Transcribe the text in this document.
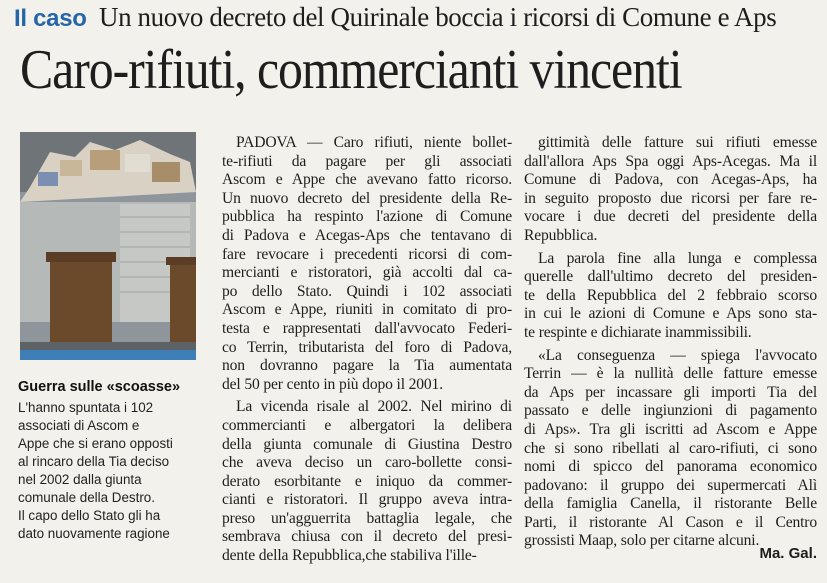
Il caso Un nuovo decreto del Quirinale boccia i ricorsi di Comune e Aps
Caro-rifiuti, commercianti vincenti
Guerra sulle «scoasse»

L'hanno spuntata i 102
associati di Ascom e
Appe che si erano opposti
al rincaro della Tia deciso
nel 2002 dalla giunta
comunale della Destro.
Il capo dello Stato gli ha
dato nuovamente ragione

PADOVA — Caro rifiuti, niente bollet-
te-rifiuti da pagare per gli associati
Ascom e Appe che avevano fatto ricorso.
Un nuovo decreto del presidente della Re-
pubblica ha respinto l'azione di Comune
di Padova e Acegas-Aps che tentavano di
fare revocare i precedenti ricorsi di com-
mercianti e ristoratori, già accolti dal ca-
po dello Stato. Quindi i 102 associati
Ascom e Appe, riuniti in comitato di pro-
testa e rappresentati dall'avvocato Federi-
co Terrin, tributarista del foro di Padova,
non dovranno pagare la Tia aumentata
del 50 per cento in più dopo il 2001.
La vicenda risale al 2002. Nel mirino di
commercianti e albergatori la delibera
della giunta comunale di Giustina Destro
che aveva deciso un caro-bollette consi-
derato esorbitante e iniquo da commer-
cianti e ristoratori. Il gruppo aveva intra-
preso un'agguerrita battaglia legale, che
sembrava chiusa con il decreto del presi-
dente della Repubblica,che stabiliva l'ille-
gittimità delle fatture sui rifiuti emesse
dall'allora Aps Spa oggi Aps-Acegas. Ma il
Comune di Padova, con Acegas-Aps, ha
in seguito proposto due ricorsi per fare re-
vocare i due decreti del presidente della
Repubblica.
La parola fine alla lunga e complessa
querelle dall'ultimo decreto del presiden-
te della Repubblica del 2 febbraio scorso
in cui le azioni di Comune e Aps sono sta-
te respinte e dichiarate inammissibili.
«La conseguenza — spiega l'avvocato
Terrin — è la nullità delle fatture emesse
da Aps per incassare gli importi Tia del
passato e delle ingiunzioni di pagamento
di Aps». Tra gli iscritti ad Ascom e Appe
che si sono ribellati al caro-rifiuti, ci sono
nomi di spicco del panorama economico
padovano: il gruppo dei supermercati Alì
della famiglia Canella, il ristorante Belle
Parti, il ristorante Al Cason e il Centro
grossisti Maap, solo per citarne alcuni.
Ma. Gal.
